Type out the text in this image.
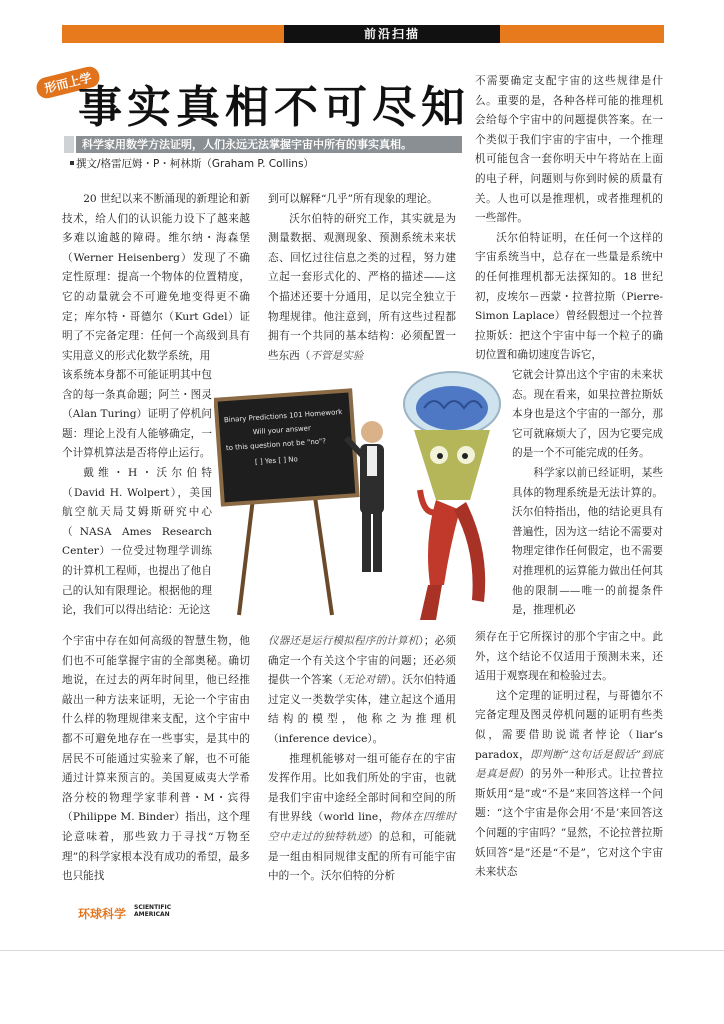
前沿扫描
形而上学
事实真相不可尽知
科学家用数学方法证明，人们永远无法掌握宇宙中所有的事实真相。
撰文/格雷厄姆・P・柯林斯（Graham P. Collins）

20 世纪以来不断涌现的新理论和新技术，给人们的认识能力设下了越来越多难以逾越的障碍。维尔纳・海森堡（Werner Heisenberg）发现了不确定性原理：提高一个物体的位置精度，它的动量就会不可避免地变得更不确定；库尔特・哥德尔（Kurt Gdel）证明了不完备定理：任何一个高级到具有实用意义的形式化数学系统，用

该系统本身都不可能证明其中包含的每一条真命题；阿兰・图灵（Alan Turing）证明了停机问题：理论上没有人能够确定，一个计算机算法是否将停止运行。

戴维・H・沃尔伯特（David H. Wolpert），美国航空航天局艾姆斯研究中心（NASA Ames Research Center）一位受过物理学训练的计算机工程师，也提出了他自己的认知有限理论。根据他的理论，我们可以得出结论：无论这

个宇宙中存在如何高级的智慧生物，他们也不可能掌握宇宙的全部奥秘。确切地说，在过去的两年时间里，他已经推敲出一种方法来证明，无论一个宇宙由什么样的物理规律来支配，这个宇宙中都不可避免地存在一些事实，是其中的居民不可能通过实验来了解，也不可能通过计算来预言的。美国夏威夷大学希洛分校的物理学家菲利普・M・宾得（Philippe M. Binder）指出，这个理论意味着，那些致力于寻找“万物至理”的科学家根本没有成功的希望，最多也只能找

到可以解释“几乎”所有现象的理论。

沃尔伯特的研究工作，其实就是为测量数据、观测现象、预测系统未来状态、回忆过往信息之类的过程，努力建立起一套形式化的、严格的描述——这个描述还要十分通用，足以完全独立于物理规律。他注意到，所有这些过程都拥有一个共同的基本结构：必须配置一些东西（不管是实验

仪器还是运行模拟程序的计算机）；必须确定一个有关这个宇宙的问题；还必须提供一个答案（无论对错）。沃尔伯特通过定义一类数学实体，建立起这个通用结构的模型，他称之为推理机（inference device）。

推理机能够对一组可能存在的宇宙发挥作用。比如我们所处的宇宙，也就是我们宇宙中途经全部时间和空间的所有世界线（world line，物体在四维时空中走过的独特轨迹）的总和，可能就是一组由相同规律支配的所有可能宇宙中的一个。沃尔伯特的分析

不需要确定支配宇宙的这些规律是什么。重要的是，各种各样可能的推理机会给每个宇宙中的问题提供答案。在一个类似于我们宇宙的宇宙中，一个推理机可能包含一套你明天中午将站在上面的电子秤，问题则与你到时候的质量有关。人也可以是推理机，或者推理机的一些部件。

沃尔伯特证明，在任何一个这样的宇宙系统当中，总存在一些量是系统中的任何推理机都无法探知的。18 世纪初，皮埃尔－西蒙・拉普拉斯（Pierre-Simon Laplace）曾经假想过一个拉普拉斯妖：把这个宇宙中每一个粒子的确切位置和确切速度告诉它，

它就会计算出这个宇宙的未来状态。现在看来，如果拉普拉斯妖本身也是这个宇宙的一部分，那它可就麻烦大了，因为它要完成的是一个不可能完成的任务。

科学家以前已经证明，某些具体的物理系统是无法计算的。沃尔伯特指出，他的结论更具有普遍性，因为这一结论不需要对物理定律作任何假定，也不需要对推理机的运算能力做出任何其他的限制——唯一的前提条件是，推理机必

须存在于它所探讨的那个宇宙之中。此外，这个结论不仅适用于预测未来，还适用于观察现在和检验过去。

这个定理的证明过程，与哥德尔不完备定理及图灵停机问题的证明有些类似，需要借助说谎者悖论（liar’s paradox，即判断“这句话是假话”到底是真是假）的另外一种形式。让拉普拉斯妖用“是”或“不是”来回答这样一个问题：“这个宇宙是你会用‘不是’来回答这个问题的宇宙吗？”显然，不论拉普拉斯妖回答“是”还是“不是”，它对这个宇宙未来状态

Binary Predictions 101 Homework
Will your answer
to this question not be "no"?
[ ] Yes [ ] No
环球科学 SCIENTIFIC
AMERICAN
